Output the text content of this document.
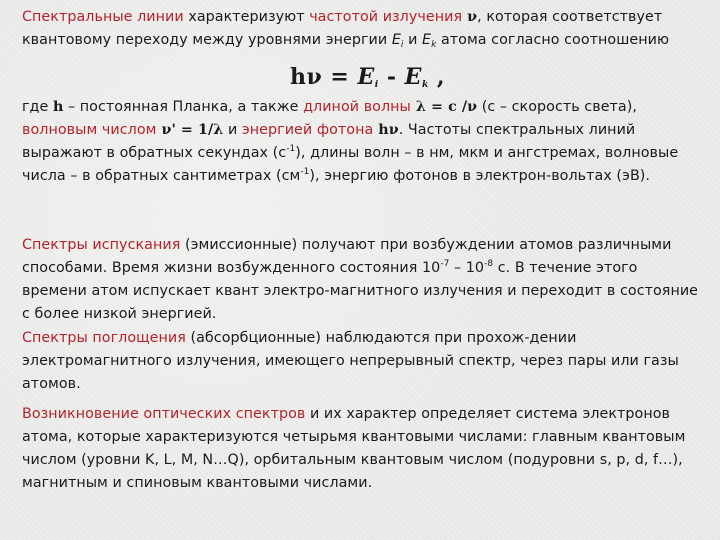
Спектральные линии характеризуют частотой излучения ν, которая соответствует квантовому переходу между уровнями энергии $E_i$ и $E_k$ атома согласно соотношению
$h\nu = E_i - E_k$ ,
где h – постоянная Планка, а также длиной волны λ = c /ν (с – скорость света), волновым числом ν' = 1/λ и энергией фотона hν. Частоты спектральных линий выражают в обратных секундах $(с^{-1})$, длины волн – в нм, мкм и ангстремах, волновые числа – в обратных сантиметрах $(см^{-1})$, энергию фотонов в электрон-вольтах (эВ).
Спектры испускания (эмиссионные) получают при возбуждении атомов различными способами. Время жизни возбужденного состояния $10^{-7} - 10^{-8}$ с. В течение этого времени атом испускает квант электро-магнитного излучения и переходит в состояние с более низкой энергией.
Спектры поглощения (абсорбционные) наблюдаются при прохож-дении электромагнитного излучения, имеющего непрерывный спектр, через пары или газы атомов.
Возникновение оптических спектров и их характер определяет система электронов атома, которые характеризуются четырьмя квантовыми числами: главным квантовым числом (уровни K, L, M, N…Q), орбитальным квантовым числом (подуровни s, p, d, f…), магнитным и спиновым квантовыми числами.
